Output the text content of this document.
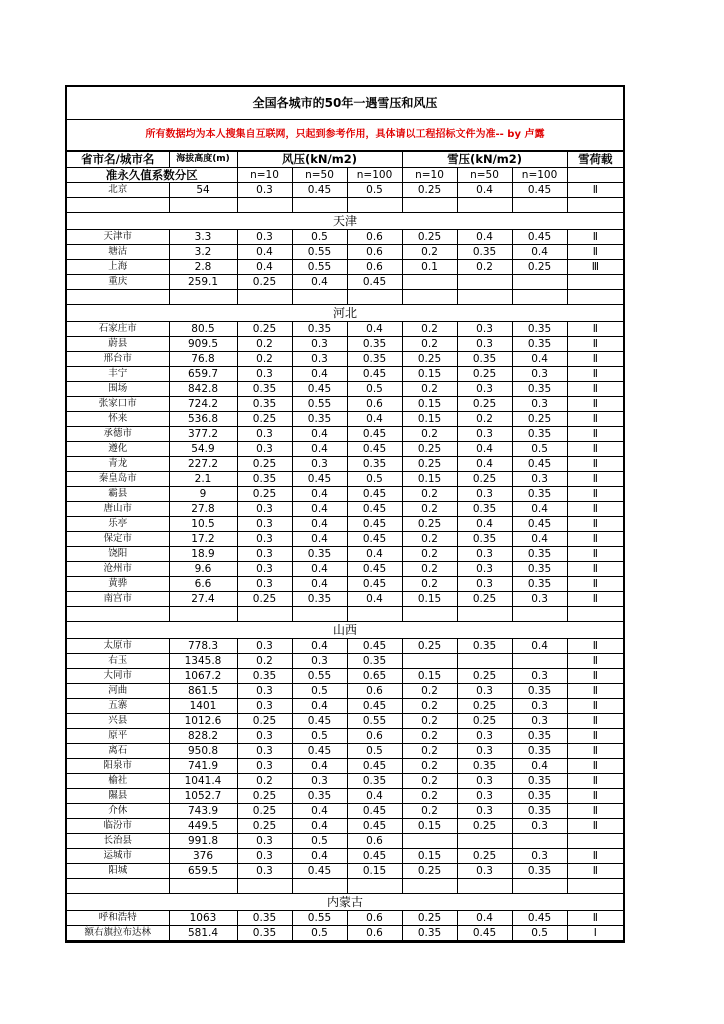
全国各城市的50年一遇雪压和风压
所有数据均为本人搜集自互联网，只起到参考作用，具体请以工程招标文件为准-- by 卢露
省市名/城市名	海拔高度(m)	风压(kN/m2)			雪压(kN/m2)			雪荷载
准永久值系数分区		n=10	n=50	n=100	n=10	n=50	n=100	
北京	54	0.3	0.45	0.5	0.25	0.4	0.45	Ⅱ

天津								
天津市	3.3	0.3	0.5	0.6	0.25	0.4	0.45	Ⅱ
塘沽	3.2	0.4	0.55	0.6	0.2	0.35	0.4	Ⅱ
上海	2.8	0.4	0.55	0.6	0.1	0.2	0.25	Ⅲ
重庆	259.1	0.25	0.4	0.45				

河北								
石家庄市	80.5	0.25	0.35	0.4	0.2	0.3	0.35	Ⅱ
蔚县	909.5	0.2	0.3	0.35	0.2	0.3	0.35	Ⅱ
邢台市	76.8	0.2	0.3	0.35	0.25	0.35	0.4	Ⅱ
丰宁	659.7	0.3	0.4	0.45	0.15	0.25	0.3	Ⅱ
围场	842.8	0.35	0.45	0.5	0.2	0.3	0.35	Ⅱ
张家口市	724.2	0.35	0.55	0.6	0.15	0.25	0.3	Ⅱ
怀来	536.8	0.25	0.35	0.4	0.15	0.2	0.25	Ⅱ
承德市	377.2	0.3	0.4	0.45	0.2	0.3	0.35	Ⅱ
遵化	54.9	0.3	0.4	0.45	0.25	0.4	0.5	Ⅱ
青龙	227.2	0.25	0.3	0.35	0.25	0.4	0.45	Ⅱ
秦皇岛市	2.1	0.35	0.45	0.5	0.15	0.25	0.3	Ⅱ
霸县	9	0.25	0.4	0.45	0.2	0.3	0.35	Ⅱ
唐山市	27.8	0.3	0.4	0.45	0.2	0.35	0.4	Ⅱ
乐亭	10.5	0.3	0.4	0.45	0.25	0.4	0.45	Ⅱ
保定市	17.2	0.3	0.4	0.45	0.2	0.35	0.4	Ⅱ
饶阳	18.9	0.3	0.35	0.4	0.2	0.3	0.35	Ⅱ
沧州市	9.6	0.3	0.4	0.45	0.2	0.3	0.35	Ⅱ
黄骅	6.6	0.3	0.4	0.45	0.2	0.3	0.35	Ⅱ
南宫市	27.4	0.25	0.35	0.4	0.15	0.25	0.3	Ⅱ

山西								
太原市	778.3	0.3	0.4	0.45	0.25	0.35	0.4	Ⅱ
右玉	1345.8	0.2	0.3	0.35				Ⅱ
大同市	1067.2	0.35	0.55	0.65	0.15	0.25	0.3	Ⅱ
河曲	861.5	0.3	0.5	0.6	0.2	0.3	0.35	Ⅱ
五寨	1401	0.3	0.4	0.45	0.2	0.25	0.3	Ⅱ
兴县	1012.6	0.25	0.45	0.55	0.2	0.25	0.3	Ⅱ
原平	828.2	0.3	0.5	0.6	0.2	0.3	0.35	Ⅱ
离石	950.8	0.3	0.45	0.5	0.2	0.3	0.35	Ⅱ
阳泉市	741.9	0.3	0.4	0.45	0.2	0.35	0.4	Ⅱ
榆社	1041.4	0.2	0.3	0.35	0.2	0.3	0.35	Ⅱ
隰县	1052.7	0.25	0.35	0.4	0.2	0.3	0.35	Ⅱ
介休	743.9	0.25	0.4	0.45	0.2	0.3	0.35	Ⅱ
临汾市	449.5	0.25	0.4	0.45	0.15	0.25	0.3	Ⅱ
长治县	991.8	0.3	0.5	0.6				
运城市	376	0.3	0.4	0.45	0.15	0.25	0.3	Ⅱ
阳城	659.5	0.3	0.45	0.15	0.25	0.3	0.35	Ⅱ

内蒙古								
呼和浩特	1063	0.35	0.55	0.6	0.25	0.4	0.45	Ⅱ
额右旗拉布达林	581.4	0.35	0.5	0.6	0.35	0.45	0.5	Ⅰ
